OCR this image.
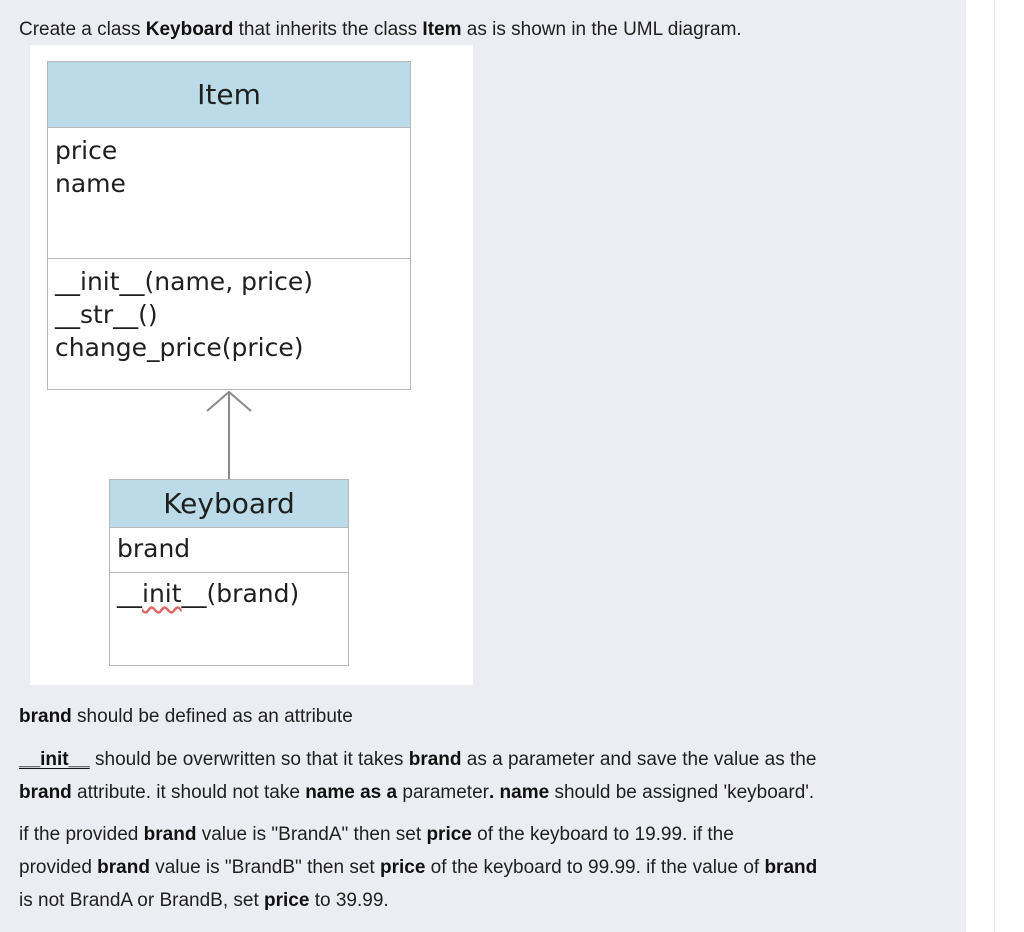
Create a class Keyboard that inherits the class Item as is shown in the UML diagram.

Item
price
name
__init__(name, price)
__str__()
change_price(price)
Keyboard
brand
__init__(brand)

brand should be defined as an attribute

__init__ should be overwritten so that it takes brand as a parameter and save the value as the
brand attribute. it should not take name as a parameter. name should be assigned 'keyboard'.

if the provided brand value is "BrandA" then set price of the keyboard to 19.99. if the
provided brand value is "BrandB" then set price of the keyboard to 99.99. if the value of brand
is not BrandA or BrandB, set price to 39.99.
